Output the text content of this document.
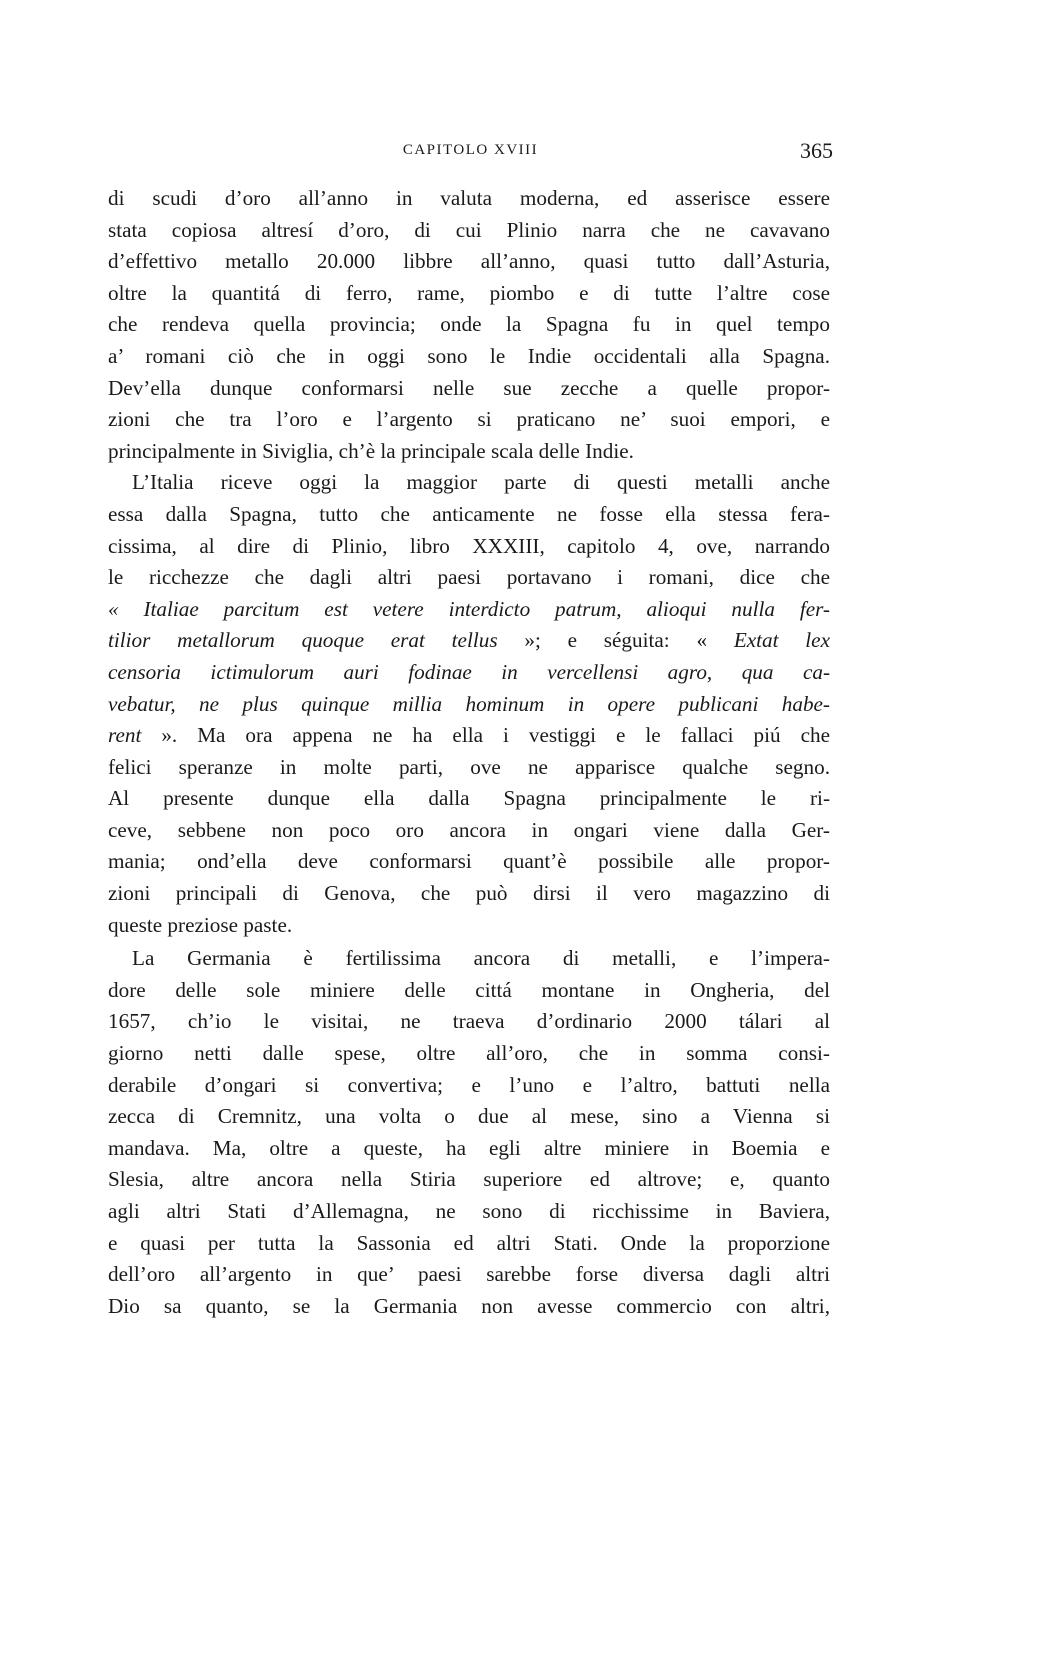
CAPITOLO XVIII	365
di scudi d’oro all’anno in valuta moderna, ed asserisce essere
stata copiosa altresí d’oro, di cui Plinio narra che ne cavavano
d’effettivo metallo 20.000 libbre all’anno, quasi tutto dall’Asturia,
oltre la quantitá di ferro, rame, piombo e di tutte l’altre cose
che rendeva quella provincia; onde la Spagna fu in quel tempo
a’ romani ciò che in oggi sono le Indie occidentali alla Spagna.
Dev’ella dunque conformarsi nelle sue zecche a quelle propor-
zioni che tra l’oro e l’argento si praticano ne’ suoi empori, e
principalmente in Siviglia, ch’è la principale scala delle Indie.
L’Italia riceve oggi la maggior parte di questi metalli anche
essa dalla Spagna, tutto che anticamente ne fosse ella stessa fera-
cissima, al dire di Plinio, libro XXXIII, capitolo 4, ove, narrando
le ricchezze che dagli altri paesi portavano i romani, dice che
« Italiae parcitum est vetere interdicto patrum, alioqui nulla fer-
tilior metallorum quoque erat tellus »; e séguita: « Extat lex
censoria ictimulorum auri fodinae in vercellensi agro, qua ca-
vebatur, ne plus quinque millia hominum in opere publicani habe-
rent ». Ma ora appena ne ha ella i vestiggi e le fallaci piú che
felici speranze in molte parti, ove ne apparisce qualche segno.
Al presente dunque ella dalla Spagna principalmente le ri-
ceve, sebbene non poco oro ancora in ongari viene dalla Ger-
mania; ond’ella deve conformarsi quant’è possibile alle propor-
zioni principali di Genova, che può dirsi il vero magazzino di
queste preziose paste.
La Germania è fertilissima ancora di metalli, e l’impera-
dore delle sole miniere delle cittá montane in Ongheria, del
1657, ch’io le visitai, ne traeva d’ordinario 2000 tálari al
giorno netti dalle spese, oltre all’oro, che in somma consi-
derabile d’ongari si convertiva; e l’uno e l’altro, battuti nella
zecca di Cremnitz, una volta o due al mese, sino a Vienna si
mandava. Ma, oltre a queste, ha egli altre miniere in Boemia e
Slesia, altre ancora nella Stiria superiore ed altrove; e, quanto
agli altri Stati d’Allemagna, ne sono di ricchissime in Baviera,
e quasi per tutta la Sassonia ed altri Stati. Onde la proporzione
dell’oro all’argento in que’ paesi sarebbe forse diversa dagli altri
Dio sa quanto, se la Germania non avesse commercio con altri,
